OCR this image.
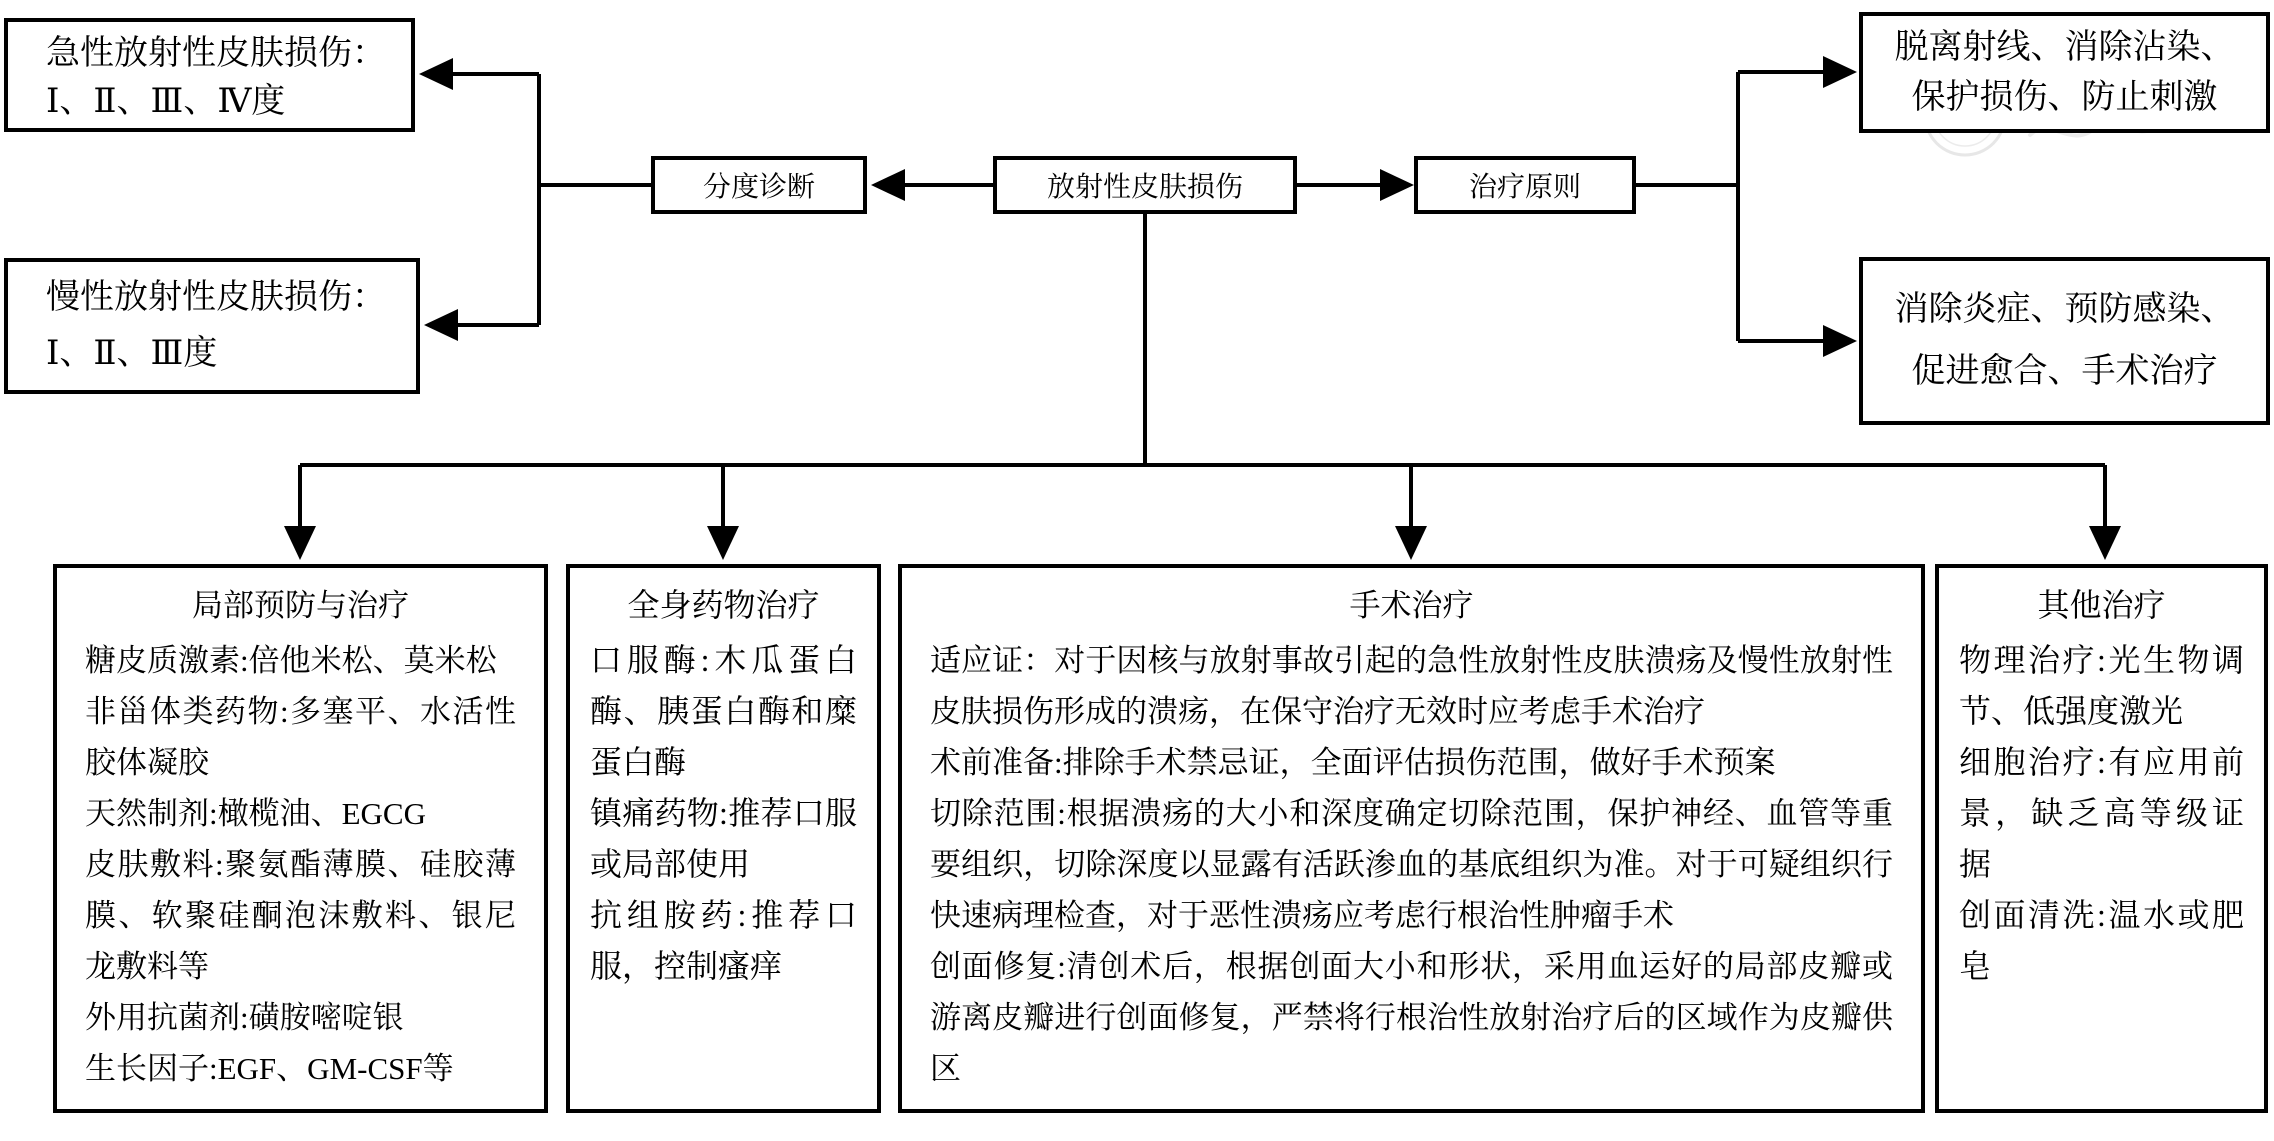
急性放射性皮肤损伤：
Ⅰ、Ⅱ、Ⅲ、Ⅳ度
慢性放射性皮肤损伤：
Ⅰ、Ⅱ、Ⅲ度
分度诊断	放射性皮肤损伤	治疗原则
脱离射线、消除沾染、
保护损伤、防止刺激
消除炎症、预防感染、
促进愈合、手术治疗

局部预防与治疗

糖皮质激素:倍他米松、莫米松

非甾体类药物:多塞平、水活性胶体凝胶

天然制剂:橄榄油、EGCG

皮肤敷料:聚氨酯薄膜、硅胶薄膜、软聚硅酮泡沫敷料、银尼龙敷料等

外用抗菌剂:磺胺嘧啶银

生长因子:EGF、GM-CSF等

全身药物治疗

口服酶:木瓜蛋白酶、胰蛋白酶和糜蛋白酶

镇痛药物:推荐口服或局部使用

抗组胺药:推荐口服，控制瘙痒

手术治疗

适应证：对于因核与放射事故引起的急性放射性皮肤溃疡及慢性放射性皮肤损伤形成的溃疡，在保守治疗无效时应考虑手术治疗

术前准备:排除手术禁忌证，全面评估损伤范围，做好手术预案

切除范围:根据溃疡的大小和深度确定切除范围，保护神经、血管等重要组织，切除深度以显露有活跃渗血的基底组织为准。对于可疑组织行快速病理检查，对于恶性溃疡应考虑行根治性肿瘤手术

创面修复:清创术后，根据创面大小和形状，采用血运好的局部皮瓣或游离皮瓣进行创面修复，严禁将行根治性放射治疗后的区域作为皮瓣供区

其他治疗

物理治疗:光生物调节、低强度激光

细胞治疗:有应用前景，缺乏高等级证据

创面清洗:温水或肥皂
